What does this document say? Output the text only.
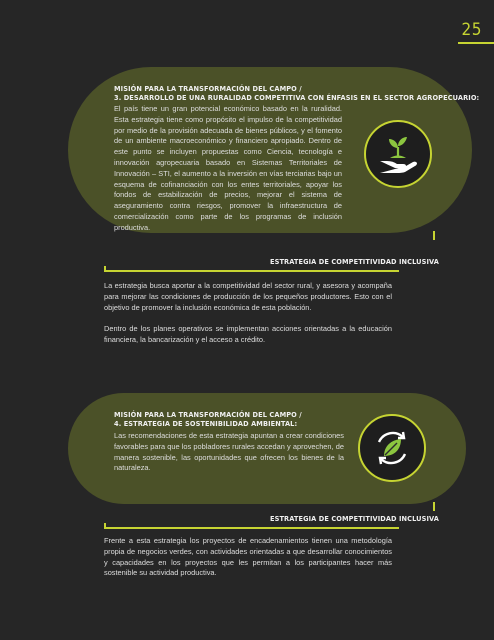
25
MISIÓN PARA LA TRANSFORMACIÓN DEL CAMPO /
3. DESARROLLO DE UNA RURALIDAD COMPETITIVA CON ÉNFASIS EN EL SECTOR AGROPECUARIO:
El país tiene un gran potencial económico basado en la ruralidad. Esta estrategia tiene como propósito el impulso de la competitividad por medio de la provisión adecuada de bienes públicos, y el fomento de un ambiente macroeconómico y financiero apropiado. Dentro de este punto se incluyen propuestas como Ciencia, tecnología e innovación agropecuaria basado en Sistemas Territoriales de Innovación – STI, el aumento a la inversión en vías terciarias bajo un esquema de cofinanciación con los entes territoriales, apoyar los fondos de estabilización de precios, mejorar el sistema de aseguramiento contra riesgos, promover la infraestructura de comercialización como parte de los programas de inclusión productiva.
ESTRATEGIA DE COMPETITIVIDAD INCLUSIVA

La estrategia busca aportar a la competitividad del sector rural, y asesora y acompaña para mejorar las condiciones de producción de los pequeños productores. Esto con el objetivo de promover la inclusión económica de esta población.

Dentro de los planes operativos se implementan acciones orientadas a la educación financiera, la bancarización y el acceso a crédito.

MISIÓN PARA LA TRANSFORMACIÓN DEL CAMPO /
4. ESTRATEGIA DE SOSTENIBILIDAD AMBIENTAL:
Las recomendaciones de esta estrategia apuntan a crear condiciones favorables para que los pobladores rurales accedan y aprovechen, de manera sostenible, las oportunidades que ofrecen los bienes de la naturaleza.
ESTRATEGIA DE COMPETITIVIDAD INCLUSIVA

Frente a esta estrategia los proyectos de encadenamientos tienen una metodología propia de negocios verdes, con actividades orientadas a que desarrollar conocimientos y capacidades en los proyectos que les permitan a los participantes hacer más sostenible su actividad productiva.
